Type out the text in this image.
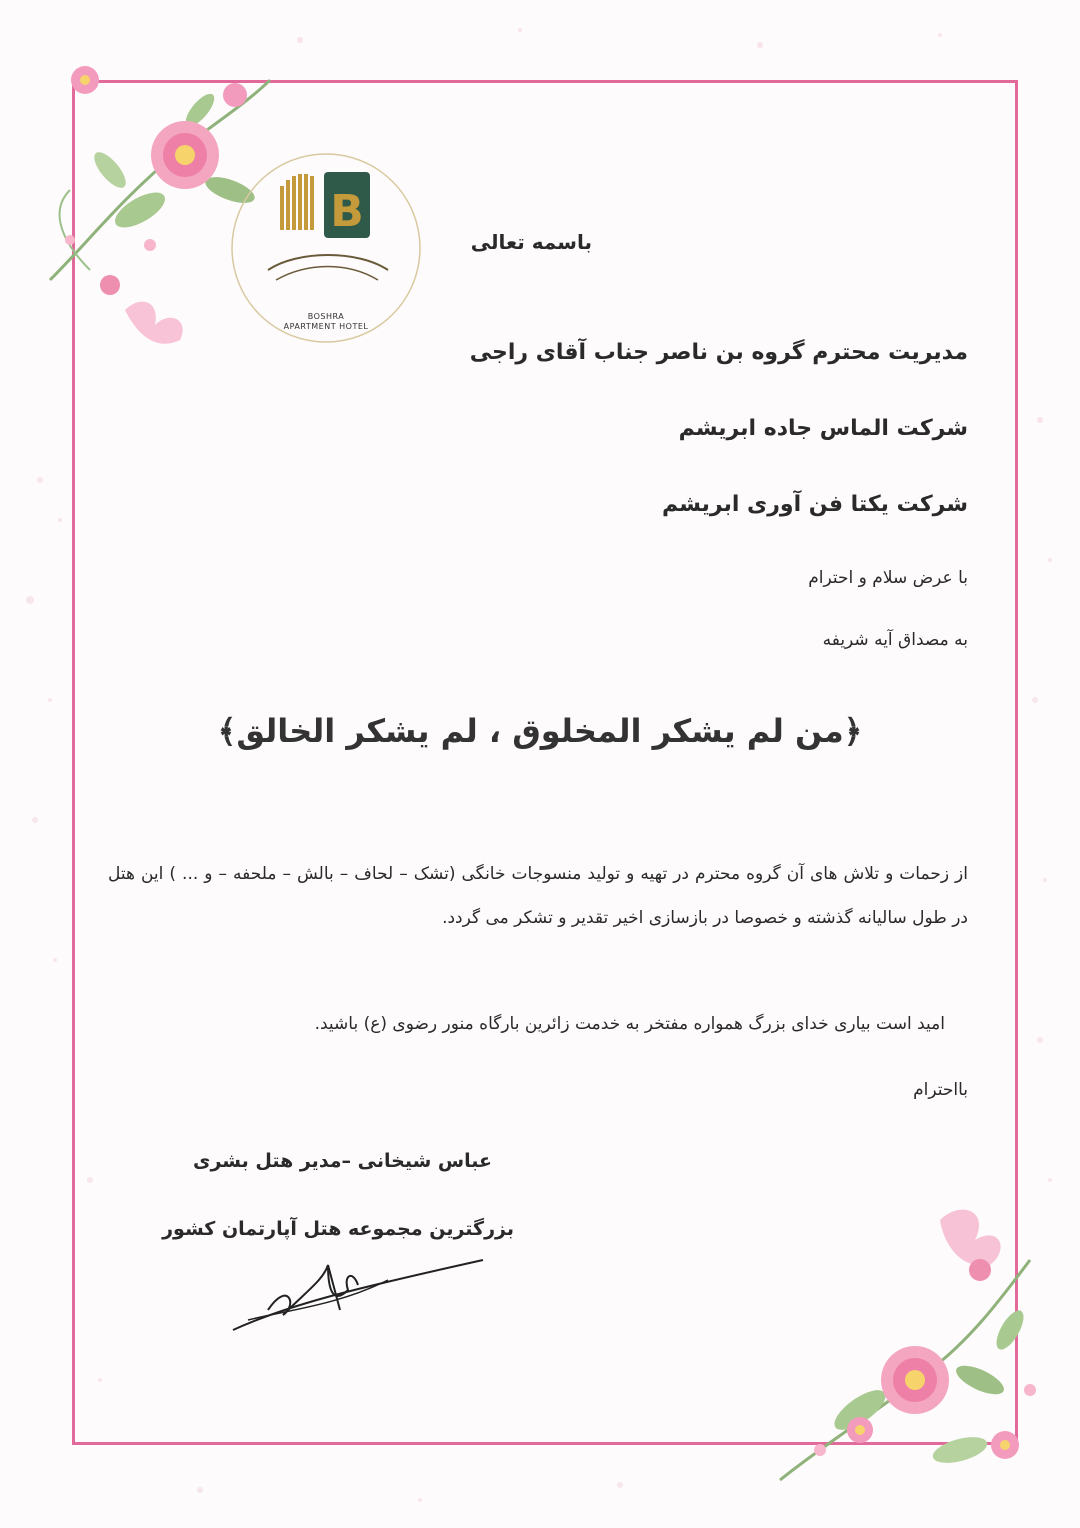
B
BOSHRA
APARTMENT HOTEL
باسمه تعالی
مدیریت محترم گروه بن ناصر جناب آقای راجی
شرکت الماس جاده ابریشم
شرکت یکتا فن آوری ابریشم
با عرض سلام و احترام
به مصداق آیه شریفه
﴿من لم یشکر المخلوق ، لم یشکر الخالق﴾
از زحمات و تلاش های آن گروه محترم در تهیه و تولید منسوجات خانگی (تشک – لحاف – بالش – ملحفه – و ... ) این هتل در طول سالیانه گذشته و خصوصا در بازسازی اخیر تقدیر و تشکر می گردد.
امید است بیاری خدای بزرگ همواره مفتخر به خدمت زائرین بارگاه منور رضوی (ع) باشید.
بااحترام
عباس شیخانی –مدیر هتل بشری
بزرگترین مجموعه هتل آپارتمان کشور
